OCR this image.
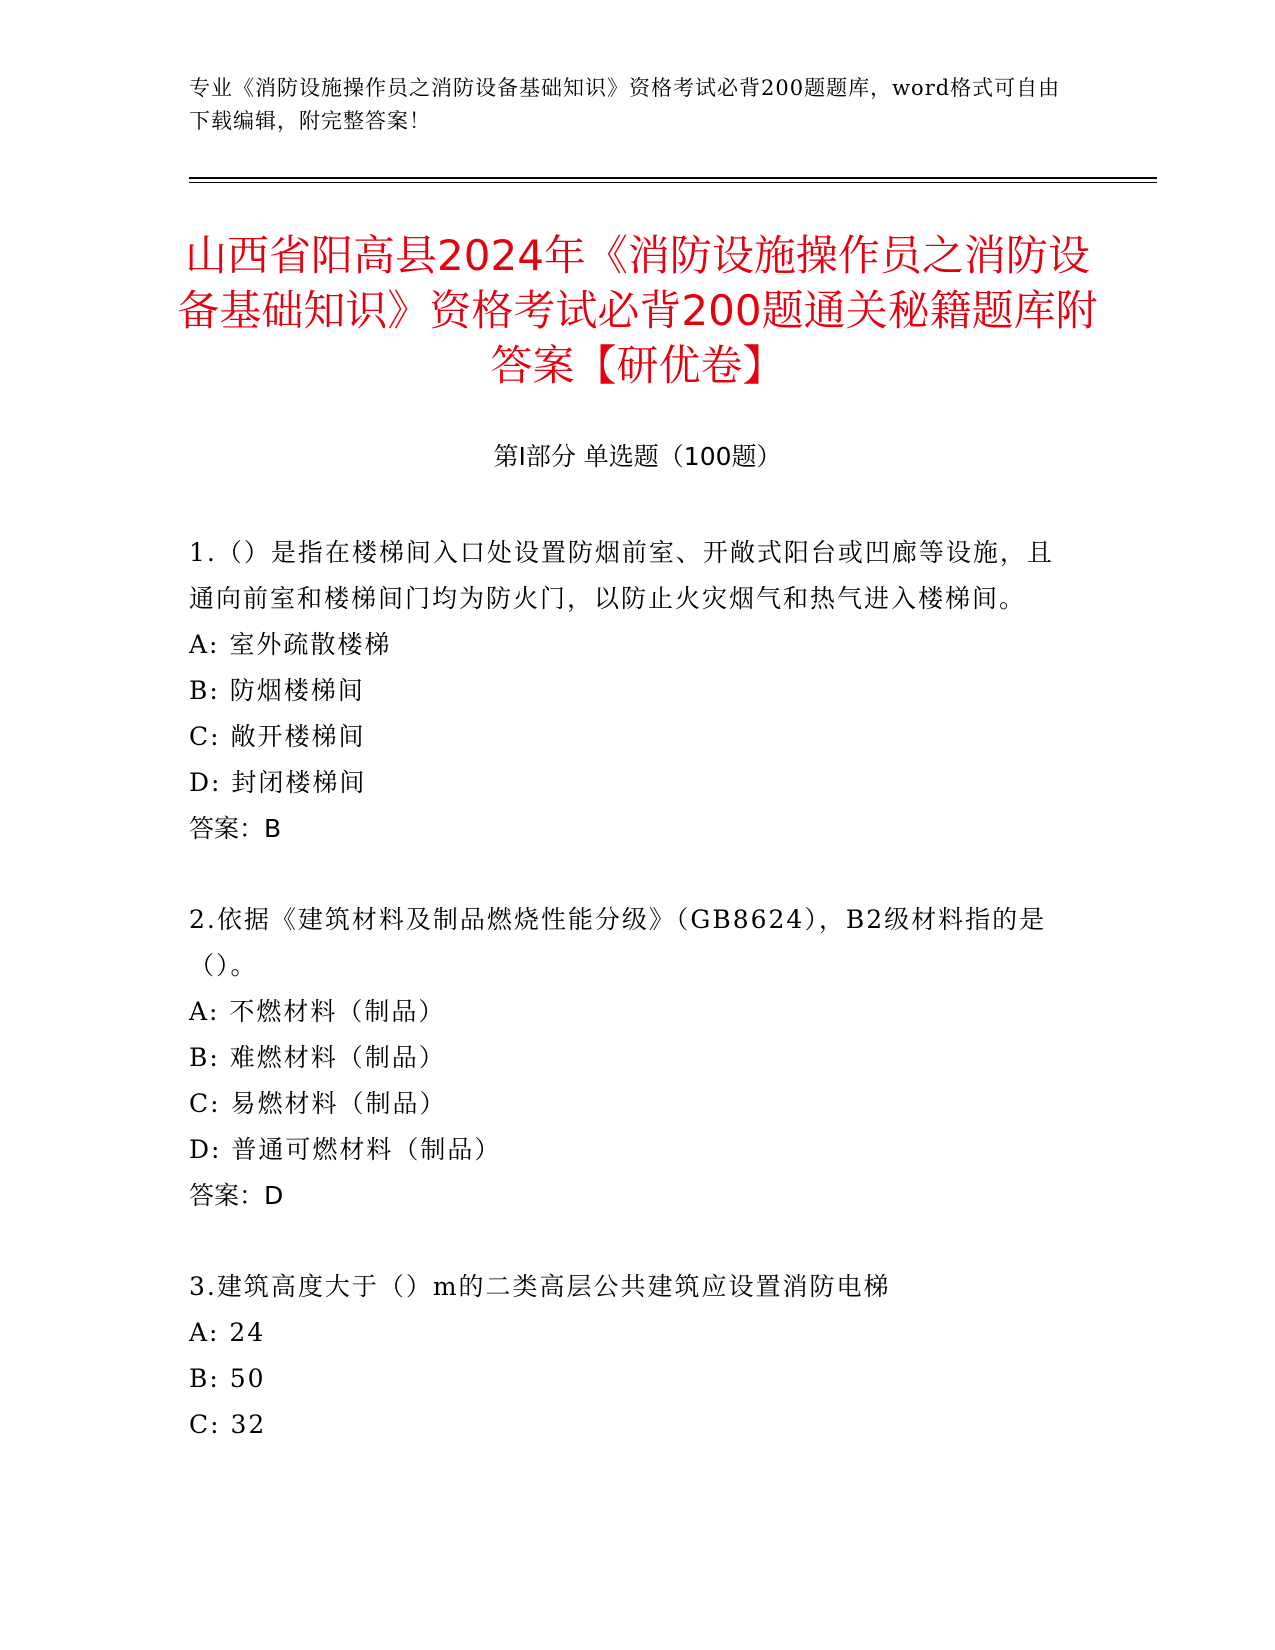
专业《消防设施操作员之消防设备基础知识》资格考试必背200题题库，word格式可自由下载编辑，附完整答案！
山西省阳高县2024年《消防设施操作员之消防设备基础知识》资格考试必背200题通关秘籍题库附答案【研优卷】
第Ⅰ部分 单选题（100题）

1.（）是指在楼梯间入口处设置防烟前室、开敞式阳台或凹廊等设施，且通向前室和楼梯间门均为防火门，以防止火灾烟气和热气进入楼梯间。

A: 室外疏散楼梯

B: 防烟楼梯间

C: 敞开楼梯间

D: 封闭楼梯间

答案：B

2.依据《建筑材料及制品燃烧性能分级》（GB8624），B2级材料指的是（）。

A: 不燃材料（制品）

B: 难燃材料（制品）

C: 易燃材料（制品）

D: 普通可燃材料（制品）

答案：D

3.建筑高度大于（）m的二类高层公共建筑应设置消防电梯

A: 24

B: 50

C: 32
